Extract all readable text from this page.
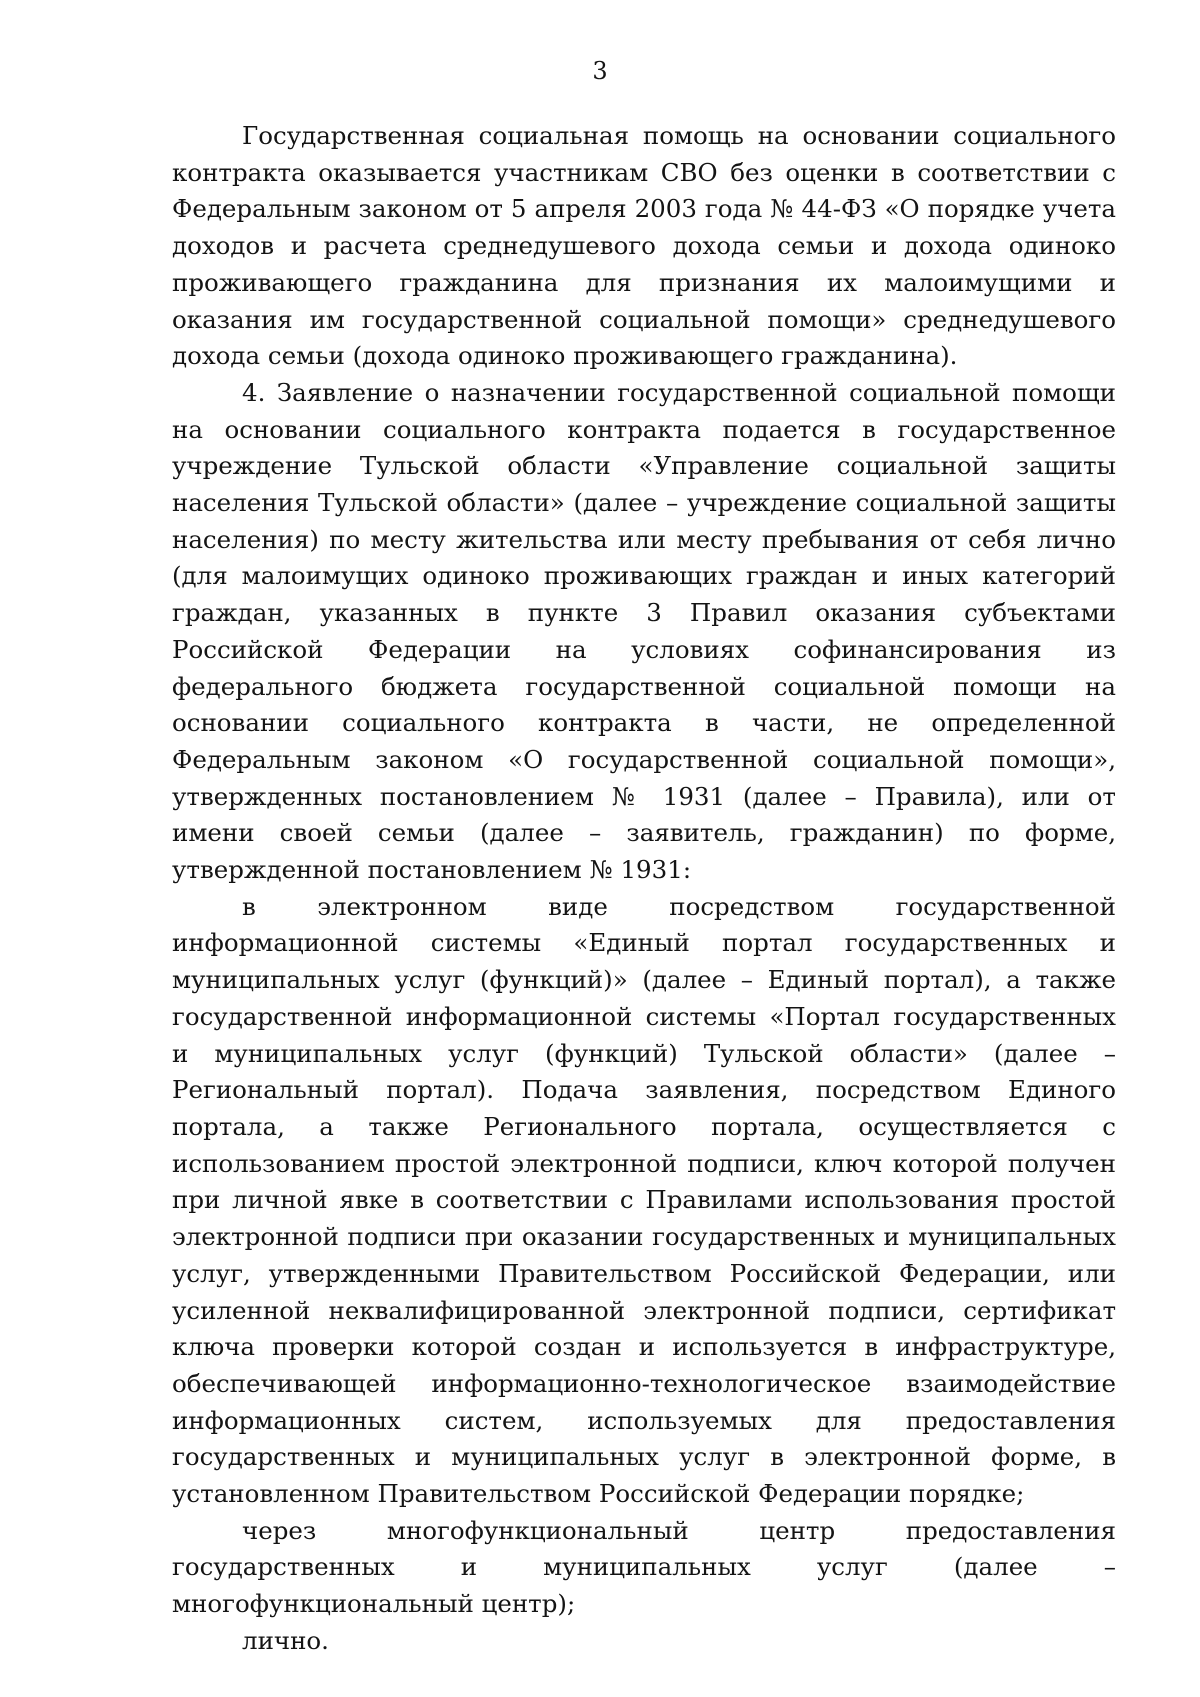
3

Государственная социальная помощь на основании социального контракта оказывается участникам СВО без оценки в соответствии с Федеральным законом от 5 апреля 2003 года № 44-ФЗ «О порядке учета доходов и расчета среднедушевого дохода семьи и дохода одиноко проживающего гражданина для признания их малоимущими и оказания им государственной социальной помощи» среднедушевого дохода семьи (дохода одиноко проживающего гражданина).

4. Заявление о назначении государственной социальной помощи на основании социального контракта подается в государственное учреждение Тульской области «Управление социальной защиты населения Тульской области» (далее – учреждение социальной защиты населения) по месту жительства или месту пребывания от себя лично (для малоимущих одиноко проживающих граждан и иных категорий граждан, указанных в пункте 3 Правил оказания субъектами Российской Федерации на условиях софинансирования из федерального бюджета государственной социальной помощи на основании социального контракта в части, не определенной Федеральным законом «О государственной социальной помощи», утвержденных постановлением № 1931 (далее – Правила), или от имени своей семьи (далее – заявитель, гражданин) по форме, утвержденной постановлением № 1931:

в электронном виде посредством государственной информационной системы «Единый портал государственных и муниципальных услуг (функций)» (далее – Единый портал), а также государственной информационной системы «Портал государственных и муниципальных услуг (функций) Тульской области» (далее – Региональный портал). Подача заявления, посредством Единого портала, а также Регионального портала, осуществляется с использованием простой электронной подписи, ключ которой получен при личной явке в соответствии с Правилами использования простой электронной подписи при оказании государственных и муниципальных услуг, утвержденными Правительством Российской Федерации, или усиленной неквалифицированной электронной подписи, сертификат ключа проверки которой создан и используется в инфраструктуре, обеспечивающей информационно-технологическое взаимодействие информационных систем, используемых для предоставления государственных и муниципальных услуг в электронной форме, в установленном Правительством Российской Федерации порядке;

через многофункциональный центр предоставления государственных и муниципальных услуг (далее – многофункциональный центр);

лично.
